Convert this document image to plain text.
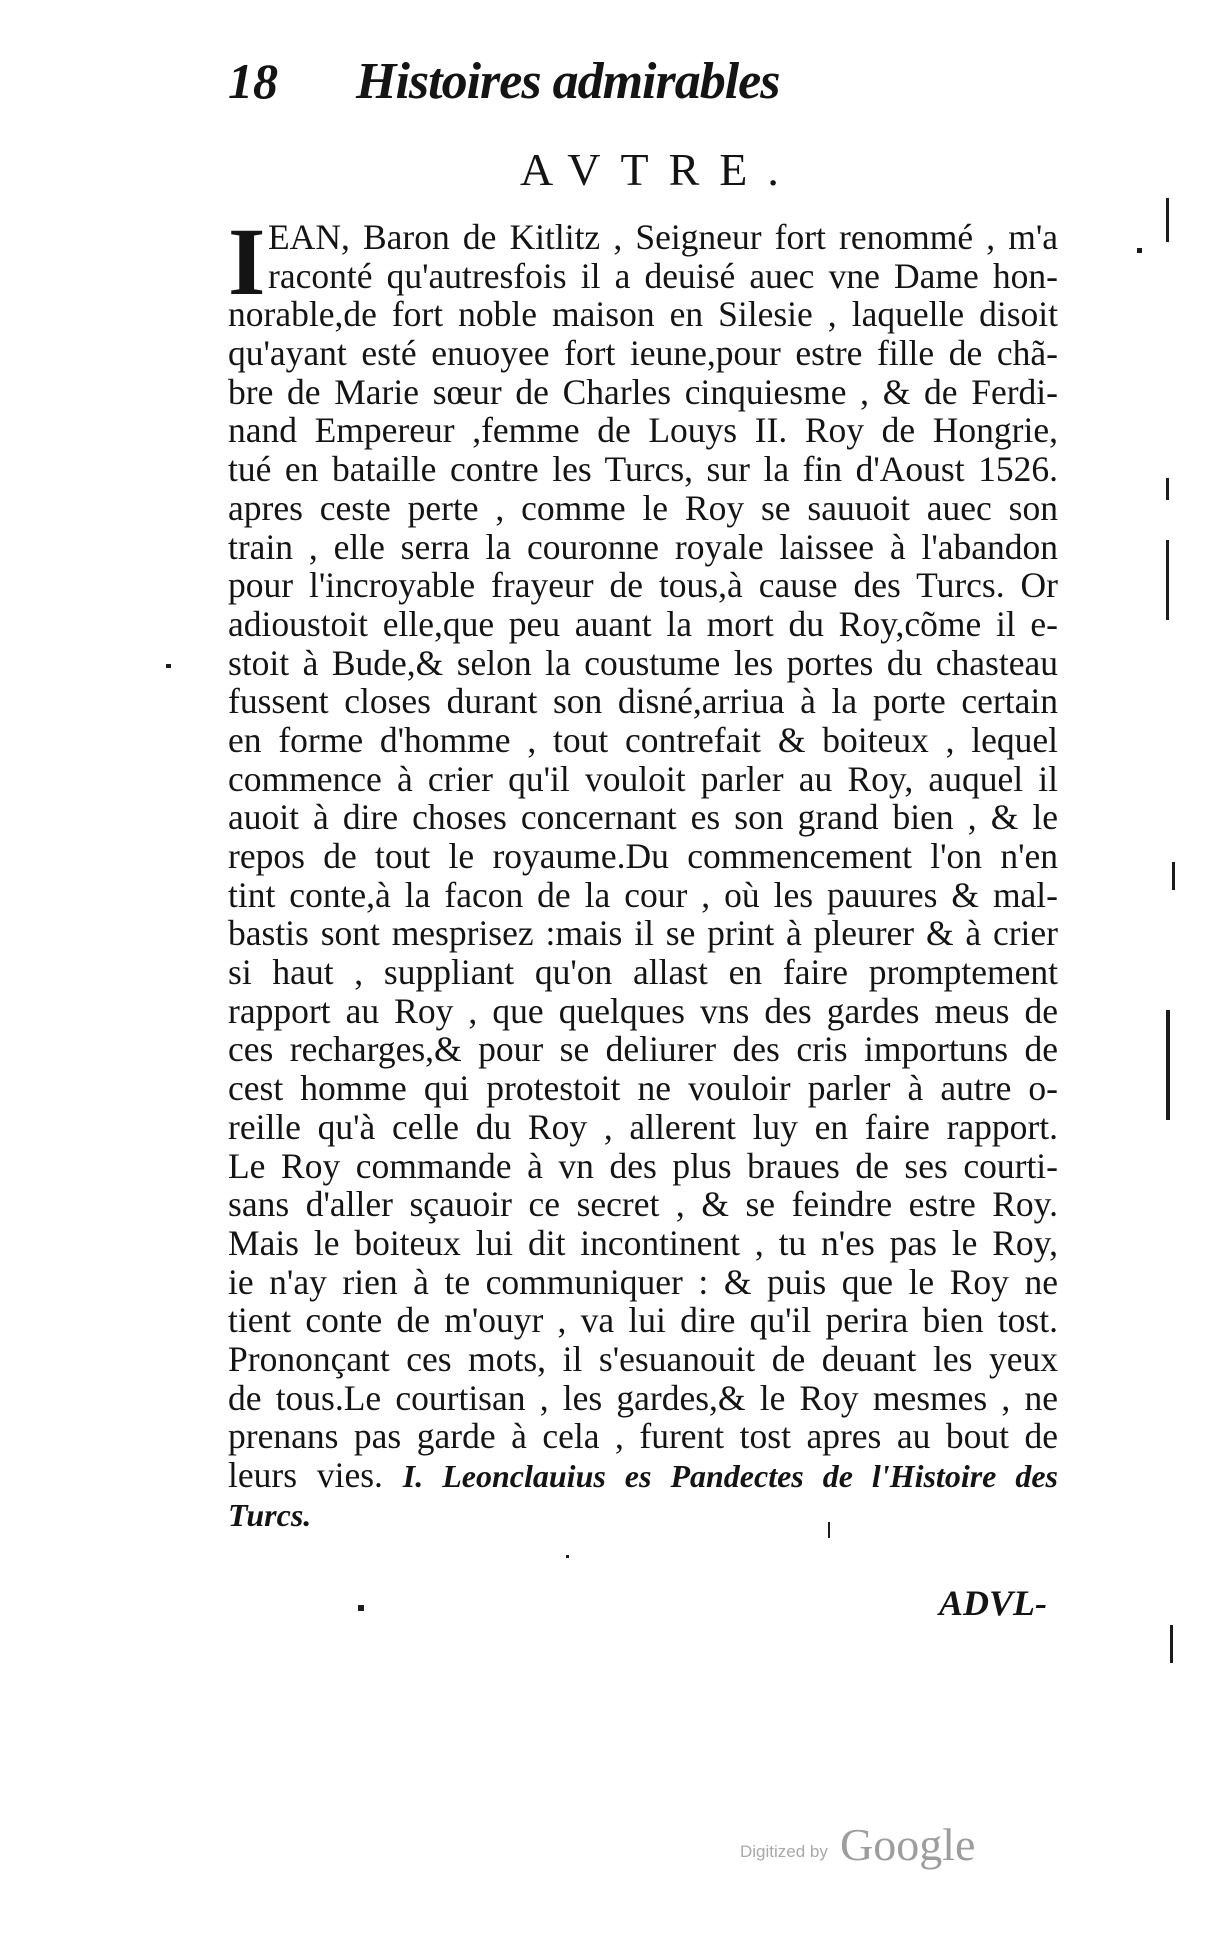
18 Histoires admirables
AVTRE.
I EAN, Baron de Kitlitz , Seigneur fort renommé , m'a
raconté qu'autresfois il a deuisé auec vne Dame hon-
norable,de fort noble maison en Silesie , laquelle disoit
qu'ayant esté enuoyee fort ieune,pour estre fille de chã-
bre de Marie sœur de Charles cinquiesme , & de Ferdi-
nand Empereur ,femme de Louys II. Roy de Hongrie,
tué en bataille contre les Turcs, sur la fin d'Aoust 1526.
apres ceste perte , comme le Roy se sauuoit auec son
train , elle serra la couronne royale laissee à l'abandon
pour l'incroyable frayeur de tous,à cause des Turcs. Or
adioustoit elle,que peu auant la mort du Roy,cõme il e-
stoit à Bude,& selon la coustume les portes du chasteau
fussent closes durant son disné,arriua à la porte certain
en forme d'homme , tout contrefait & boiteux , lequel
commence à crier qu'il vouloit parler au Roy, auquel il
auoit à dire choses concernant es son grand bien , & le
repos de tout le royaume.Du commencement l'on n'en
tint conte,à la facon de la cour , où les pauures & mal-
bastis sont mesprisez :mais il se print à pleurer & à crier
si haut , suppliant qu'on allast en faire promptement
rapport au Roy , que quelques vns des gardes meus de
ces recharges,& pour se deliurer des cris importuns de
cest homme qui protestoit ne vouloir parler à autre o-
reille qu'à celle du Roy , allerent luy en faire rapport.
Le Roy commande à vn des plus braues de ses courti-
sans d'aller sçauoir ce secret , & se feindre estre Roy.
Mais le boiteux lui dit incontinent , tu n'es pas le Roy,
ie n'ay rien à te communiquer : & puis que le Roy ne
tient conte de m'ouyr , va lui dire qu'il perira bien tost.
Prononçant ces mots, il s'esuanouit de deuant les yeux
de tous.Le courtisan , les gardes,& le Roy mesmes , ne
prenans pas garde à cela , furent tost apres au bout de
leurs vies. I. Leonclauius es Pandectes de l'Histoire des
Turcs.
ADVL-
Digitized by Google
